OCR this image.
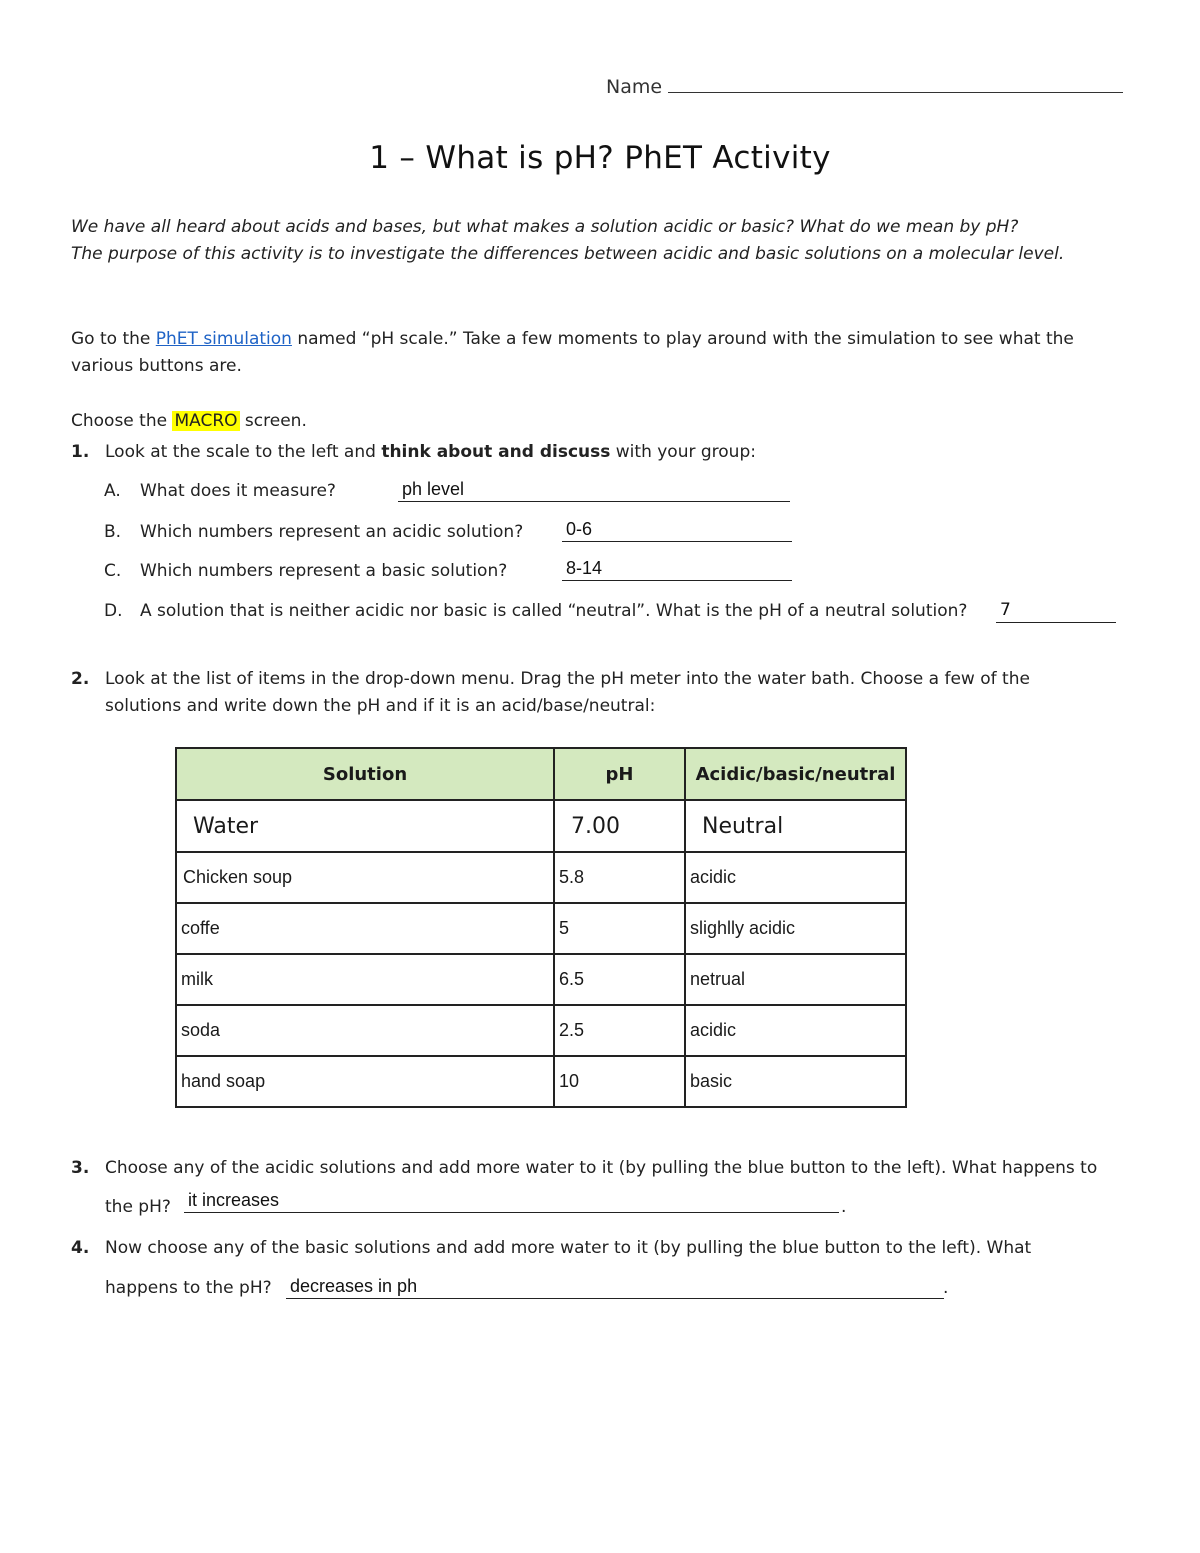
Name
1 – What is pH? PhET Activity
We have all heard about acids and bases, but what makes a solution acidic or basic? What do we mean by pH?
The purpose of this activity is to investigate the differences between acidic and basic solutions on a molecular level.
Go to the PhET simulation named “pH scale.” Take a few moments to play around with the simulation to see what the
various buttons are.
Choose the MACRO screen.
1. Look at the scale to the left and think about and discuss with your group:
A. What does it measure?	ph level
B. Which numbers represent an acidic solution? 0-6
C. Which numbers represent a basic solution?	8-14
D. A solution that is neither acidic nor basic is called “neutral”. What is the pH of a neutral solution? 7
2. Look at the list of items in the drop-down menu. Drag the pH meter into the water bath. Choose a few of the
solutions and write down the pH and if it is an acid/base/neutral:
Solution	pH	Acidic/basic/neutral
Water	7.00	Neutral
Chicken soup	5.8	acidic
coffe	5	slighlly acidic
milk	6.5	netrual
soda	2.5	acidic
hand soap	10	basic
3. Choose any of the acidic solutions and add more water to it (by pulling the blue button to the left). What happens to
the pH? it increases	.
4. Now choose any of the basic solutions and add more water to it (by pulling the blue button to the left). What
happens to the pH? decreases in ph	.
